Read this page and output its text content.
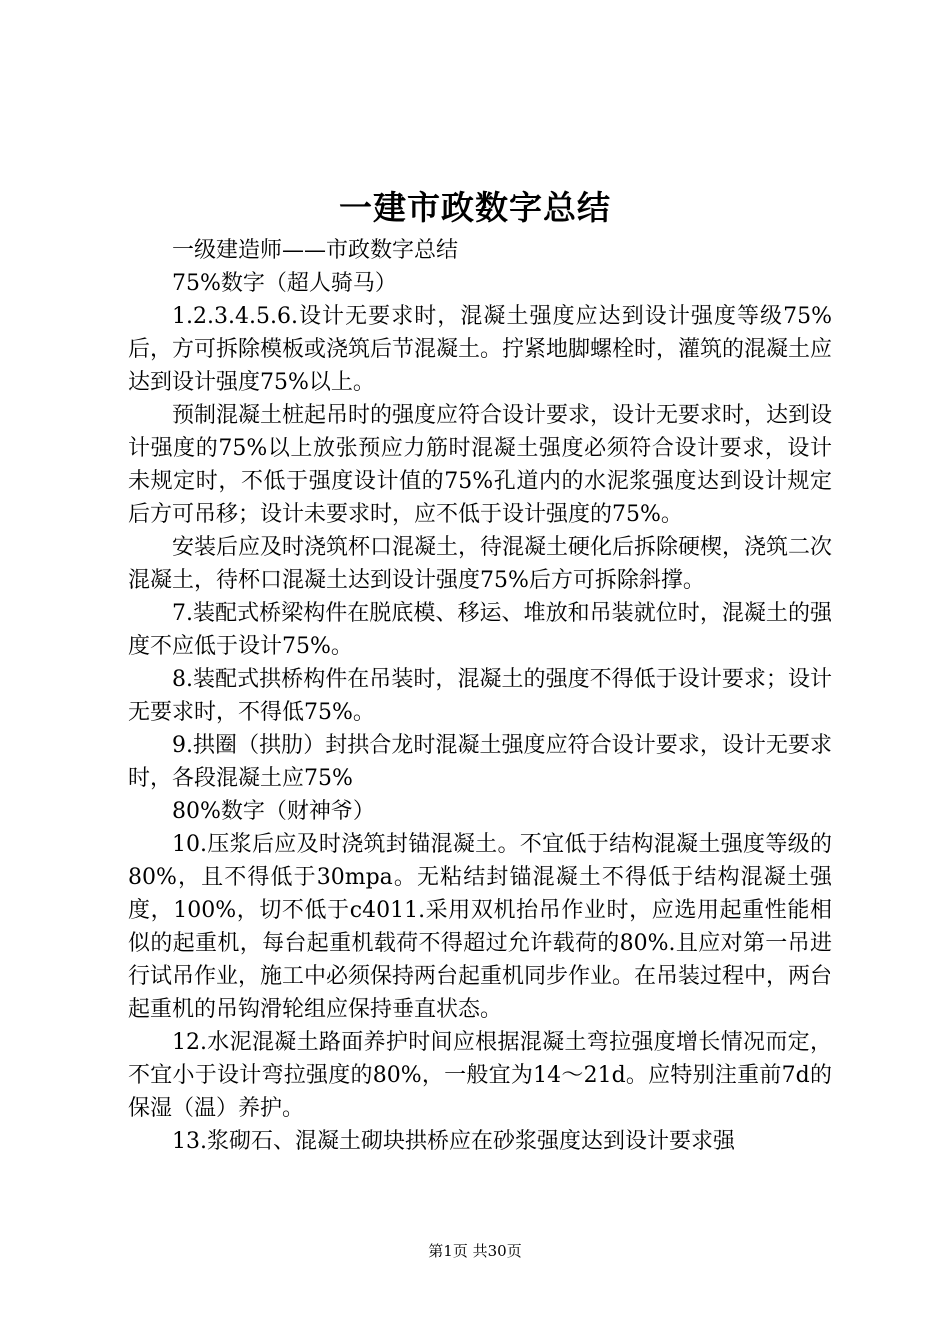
一建市政数字总结

一级建造师——市政数字总结

75%数字（超人骑马）

1.2.3.4.5.6.设计无要求时，混凝土强度应达到设计强度等级75%后，方可拆除模板或浇筑后节混凝土。拧紧地脚螺栓时，灌筑的混凝土应达到设计强度75%以上。

预制混凝土桩起吊时的强度应符合设计要求，设计无要求时，达到设计强度的75%以上放张预应力筋时混凝土强度必须符合设计要求，设计未规定时，不低于强度设计值的75%孔道内的水泥浆强度达到设计规定后方可吊移；设计未要求时，应不低于设计强度的75%。

安装后应及时浇筑杯口混凝土，待混凝土硬化后拆除硬楔，浇筑二次混凝土，待杯口混凝土达到设计强度75%后方可拆除斜撑。

7.装配式桥梁构件在脱底模、移运、堆放和吊装就位时，混凝土的强度不应低于设计75%。

8.装配式拱桥构件在吊装时，混凝土的强度不得低于设计要求；设计无要求时，不得低75%。

9.拱圈（拱肋）封拱合龙时混凝土强度应符合设计要求，设计无要求时，各段混凝土应75%

80%数字（财神爷）

10.压浆后应及时浇筑封锚混凝土。不宜低于结构混凝土强度等级的80%，且不得低于30mpa。无粘结封锚混凝土不得低于结构混凝土强度，100%，切不低于c4011.采用双机抬吊作业时，应选用起重性能相似的起重机，每台起重机载荷不得超过允许载荷的80%.且应对第一吊进行试吊作业，施工中必须保持两台起重机同步作业。在吊装过程中，两台起重机的吊钩滑轮组应保持垂直状态。

12.水泥混凝土路面养护时间应根据混凝土弯拉强度增长情况而定，不宜小于设计弯拉强度的80%，一般宜为14～21d。应特别注重前7d的保湿（温）养护。

13.浆砌石、混凝土砌块拱桥应在砂浆强度达到设计要求强

第1页 共30页
